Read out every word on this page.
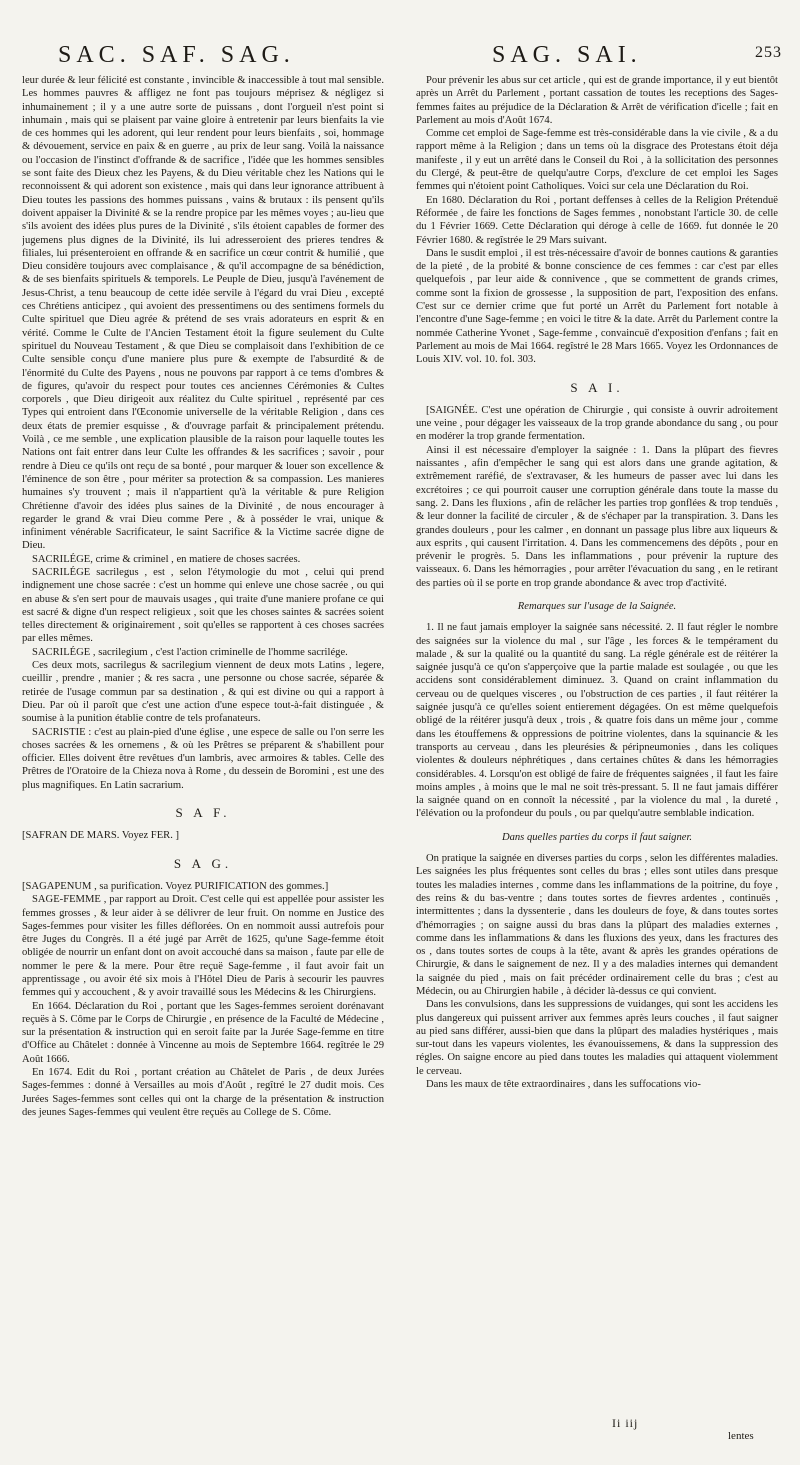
SAC. SAF. SAG.	SAG. SAI.	253

leur durée & leur félicité est constante , invincible & inaccessible à tout mal sensible. Les hommes pauvres & affligez ne font pas toujours méprisez & négligez si inhumainement ; il y a une autre sorte de puissans , dont l'orgueil n'est point si inhumain , mais qui se plaisent par vaine gloire à entretenir par leurs bienfaits la vie de ces hommes qui les adorent, qui leur rendent pour leurs bienfaits , soi, hommage & dévouement, service en paix & en guerre , au prix de leur sang. Voilà la naissance ou l'occasion de l'instinct d'offrande & de sacrifice , l'idée que les hommes sensibles se sont faite des Dieux chez les Payens, & du Dieu véritable chez les Nations qui le reconnoissent & qui adorent son existence , mais qui dans leur ignorance attribuent à Dieu toutes les passions des hommes puissans , vains & brutaux : ils pensent qu'ils doivent appaiser la Divinité & se la rendre propice par les mêmes voyes ; au-lieu que s'ils avoient des idées plus pures de la Divinité , s'ils étoient capables de former des jugemens plus dignes de la Divinité, ils lui adresseroient des prieres tendres & filiales, lui présenteroient en offrande & en sacrifice un cœur contrit & humilié , que Dieu considère toujours avec complaisance , & qu'il accompagne de sa bénédiction, & de ses bienfaits spirituels & temporels. Le Peuple de Dieu, jusqu'à l'avénement de Jesus-Christ, a tenu beaucoup de cette idée servile à l'égard du vrai Dieu , excepté ces Chrétiens anticipez , qui avoient des pressentimens ou des sentimens formels du Culte spirituel que Dieu agrée & prétend de ses vrais adorateurs en esprit & en vérité. Comme le Culte de l'Ancien Testament étoit la figure seulement du Culte spirituel du Nouveau Testament , & que Dieu se complaisoit dans l'exhibition de ce Culte sensible conçu d'une maniere plus pure & exempte de l'absurdité & de l'énormité du Culte des Payens , nous ne pouvons par rapport à ce tems d'ombres & de figures, qu'avoir du respect pour toutes ces anciennes Cérémonies & Cultes corporels , que Dieu dirigeoit aux réalitez du Culte spirituel , représenté par ces Types qui entroient dans l'Œconomie universelle de la véritable Religion , dans ces deux états de premier esquisse , & d'ouvrage parfait & principalement prétendu. Voilà , ce me semble , une explication plausible de la raison pour laquelle toutes les Nations ont fait entrer dans leur Culte les offrandes & les sacrifices ; savoir , pour rendre à Dieu ce qu'ils ont reçu de sa bonté , pour marquer & louer son excellence & l'éminence de son être , pour mériter sa protection & sa compassion. Les manieres humaines s'y trouvent ; mais il n'appartient qu'à la véritable & pure Religion Chrétienne d'avoir des idées plus saines de la Divinité , de nous encourager à regarder le grand & vrai Dieu comme Pere , & à posséder le vrai, unique & infiniment vénérable Sacrificateur, le saint Sacrifice & la Victime sacrée digne de Dieu.

SACRILÉGE, crime & criminel , en matiere de choses sacrées.

SACRILÉGE sacrilegus , est , selon l'étymologie du mot , celui qui prend indignement une chose sacrée : c'est un homme qui enleve une chose sacrée , ou qui en abuse & s'en sert pour de mauvais usages , qui traite d'une maniere profane ce qui est sacré & digne d'un respect religieux , soit que les choses saintes & sacrées soient telles directement & originairement , soit qu'elles se rapportent à ces choses sacrées par elles mêmes.

SACRILÉGE , sacrilegium , c'est l'action criminelle de l'homme sacrilége.

Ces deux mots, sacrilegus & sacrilegium viennent de deux mots Latins , legere, cueillir , prendre , manier ; & res sacra , une personne ou chose sacrée, séparée & retirée de l'usage commun par sa destination , & qui est divine ou qui a rapport à Dieu. Par où il paroît que c'est une action d'une espece tout-à-fait distinguée , & soumise à la punition établie contre de tels profanateurs.

SACRISTIE : c'est au plain-pied d'une église , une espece de salle ou l'on serre les choses sacrées & les ornemens , & où les Prêtres se préparent & s'habillent pour officier. Elles doivent être revêtues d'un lambris, avec armoires & tables. Celle des Prêtres de l'Oratoire de la Chieza nova à Rome , du dessein de Boromini , est une des plus magnifiques. En Latin sacrarium.

S A F.

[SAFRAN DE MARS. Voyez FER. ]

S A G.

[SAGAPENUM , sa purification. Voyez PURIFICATION des gommes.]

SAGE-FEMME , par rapport au Droit. C'est celle qui est appellée pour assister les femmes grosses , & leur aider à se délivrer de leur fruit. On nomme en Justice des Sages-femmes pour visiter les filles déflorées. On en nommoit aussi autrefois pour être Juges du Congrès. Il a été jugé par Arrêt de 1625, qu'une Sage-femme étoit obligée de nourrir un enfant dont on avoit accouché dans sa maison , faute par elle de nommer le pere & la mere. Pour être reçuë Sage-femme , il faut avoir fait un apprentissage , ou avoir été six mois à l'Hôtel Dieu de Paris à secourir les pauvres femmes qui y accouchent , & y avoir travaillé sous les Médecins & les Chirurgiens.

En 1664. Déclaration du Roi , portant que les Sages-femmes seroient dorénavant reçuës à S. Côme par le Corps de Chirurgie , en présence de la Faculté de Médecine , sur la présentation & instruction qui en seroit faite par la Jurée Sage-femme en titre d'Office au Châtelet : donnée à Vincenne au mois de Septembre 1664. regîtrée le 29 Août 1666.

En 1674. Edit du Roi , portant création au Châtelet de Paris , de deux Jurées Sages-femmes : donné à Versailles au mois d'Août , regîtré le 27 dudit mois. Ces Jurées Sages-femmes sont celles qui ont la charge de la présentation & instruction des jeunes Sages-femmes qui veulent être reçuës au College de S. Côme.

Pour prévenir les abus sur cet article , qui est de grande importance, il y eut bientôt après un Arrêt du Parlement , portant cassation de toutes les receptions des Sages-femmes faites au préjudice de la Déclaration & Arrêt de vérification d'icelle ; fait en Parlement au mois d'Août 1674.

Comme cet emploi de Sage-femme est très-considérable dans la vie civile , & a du rapport même à la Religion ; dans un tems où la disgrace des Protestans étoit déja manifeste , il y eut un arrêté dans le Conseil du Roi , à la sollicitation des personnes du Clergé, & peut-être de quelqu'autre Corps, d'exclure de cet emploi les Sages femmes qui n'étoient point Catholiques. Voici sur cela une Déclaration du Roi.

En 1680. Déclaration du Roi , portant deffenses à celles de la Religion Prétenduë Réformée , de faire les fonctions de Sages femmes , nonobstant l'article 30. de celle du 1 Février 1669. Cette Déclaration qui déroge à celle de 1669. fut donnée le 20 Février 1680. & regîstrée le 29 Mars suivant.

Dans le susdit emploi , il est très-nécessaire d'avoir de bonnes cautions & garanties de la pieté , de la probité & bonne conscience de ces femmes : car c'est par elles quelquefois , par leur aide & connivence , que se commettent de grands crimes, comme sont la fixion de grossesse , la supposition de part, l'exposition des enfans. C'est sur ce dernier crime que fut porté un Arrêt du Parlement fort notable à l'encontre d'une Sage-femme ; en voici le titre & la date. Arrêt du Parlement contre la nommée Catherine Yvonet , Sage-femme , convaincuë d'exposition d'enfans ; fait en Parlement au mois de Mai 1664. regîstré le 28 Mars 1665. Voyez les Ordonnances de Louis XIV. vol. 10. fol. 303.

S A I.

[SAIGNÉE. C'est une opération de Chirurgie , qui consiste à ouvrir adroitement une veine , pour dégager les vaisseaux de la trop grande abondance du sang , ou pour en modérer la trop grande fermentation.

Ainsi il est nécessaire d'employer la saignée : 1. Dans la plûpart des fievres naissantes , afin d'empêcher le sang qui est alors dans une grande agitation, & extrêmement raréfié, de s'extravaser, & les humeurs de passer avec lui dans les excrétoires ; ce qui pourroit causer une corruption générale dans toute la masse du sang. 2. Dans les fluxions , afin de relâcher les parties trop gonflées & trop tenduës , & leur donner la facilité de circuler , & de s'échaper par la transpiration. 3. Dans les grandes douleurs , pour les calmer , en donnant un passage plus libre aux liqueurs & aux esprits , qui causent l'irritation. 4. Dans les commencemens des dépôts , pour en prévenir le progrès. 5. Dans les inflammations , pour prévenir la rupture des vaisseaux. 6. Dans les hémorragies , pour arrêter l'évacuation du sang , en le retirant des parties où il se porte en trop grande abondance & avec trop d'activité.

Remarques sur l'usage de la Saignée.

1. Il ne faut jamais employer la saignée sans nécessité. 2. Il faut régler le nombre des saignées sur la violence du mal , sur l'âge , les forces & le tempérament du malade , & sur la qualité ou la quantité du sang. La régle générale est de réitérer la saignée jusqu'à ce qu'on s'apperçoive que la partie malade est soulagée , ou que les accidens sont considérablement diminuez. 3. Quand on craint inflammation du cerveau ou de quelques visceres , ou l'obstruction de ces parties , il faut réitérer la saignée jusqu'à ce qu'elles soient entierement dégagées. On est même quelquefois obligé de la réitérer jusqu'à deux , trois , & quatre fois dans un même jour , comme dans les étouffemens & oppressions de poitrine violentes, dans la squinancie & les transports au cerveau , dans les pleurésies & péripneumonies , dans les coliques violentes & douleurs néphrétiques , dans certaines chûtes & dans les hémorragies considérables. 4. Lorsqu'on est obligé de faire de fréquentes saignées , il faut les faire moins amples , à moins que le mal ne soit très-pressant. 5. Il ne faut jamais différer la saignée quand on en connoît la nécessité , par la violence du mal , la dureté , l'élévation ou la profondeur du pouls , ou par quelqu'autre semblable indication.

Dans quelles parties du corps il faut saigner.

On pratique la saignée en diverses parties du corps , selon les différentes maladies. Les saignées les plus fréquentes sont celles du bras ; elles sont utiles dans presque toutes les maladies internes , comme dans les inflammations de la poitrine, du foye , des reins & du bas-ventre ; dans toutes sortes de fievres ardentes , continuës , intermittentes ; dans la dyssenterie , dans les douleurs de foye, & dans toutes sortes d'hémorragies ; on saigne aussi du bras dans la plûpart des maladies externes , comme dans les inflammations & dans les fluxions des yeux, dans les fractures des os , dans toutes sortes de coups à la tête, avant & après les grandes opérations de Chirurgie, & dans le saignement de nez. Il y a des maladies internes qui demandent la saignée du pied , mais on fait précéder ordinairement celle du bras ; c'est au Médecin, ou au Chirurgien habile , à décider là-dessus ce qui convient.

Dans les convulsions, dans les suppressions de vuidanges, qui sont les accidens les plus dangereux qui puissent arriver aux femmes après leurs couches , il faut saigner au pied sans différer, aussi-bien que dans la plûpart des maladies hystériques , mais sur-tout dans les vapeurs violentes, les évanouissemens, & dans la suppression des régles. On saigne encore au pied dans toutes les maladies qui attaquent violemment le cerveau.

Dans les maux de tête extraordinaires , dans les suffocations vio-

Ii iij
lentes
